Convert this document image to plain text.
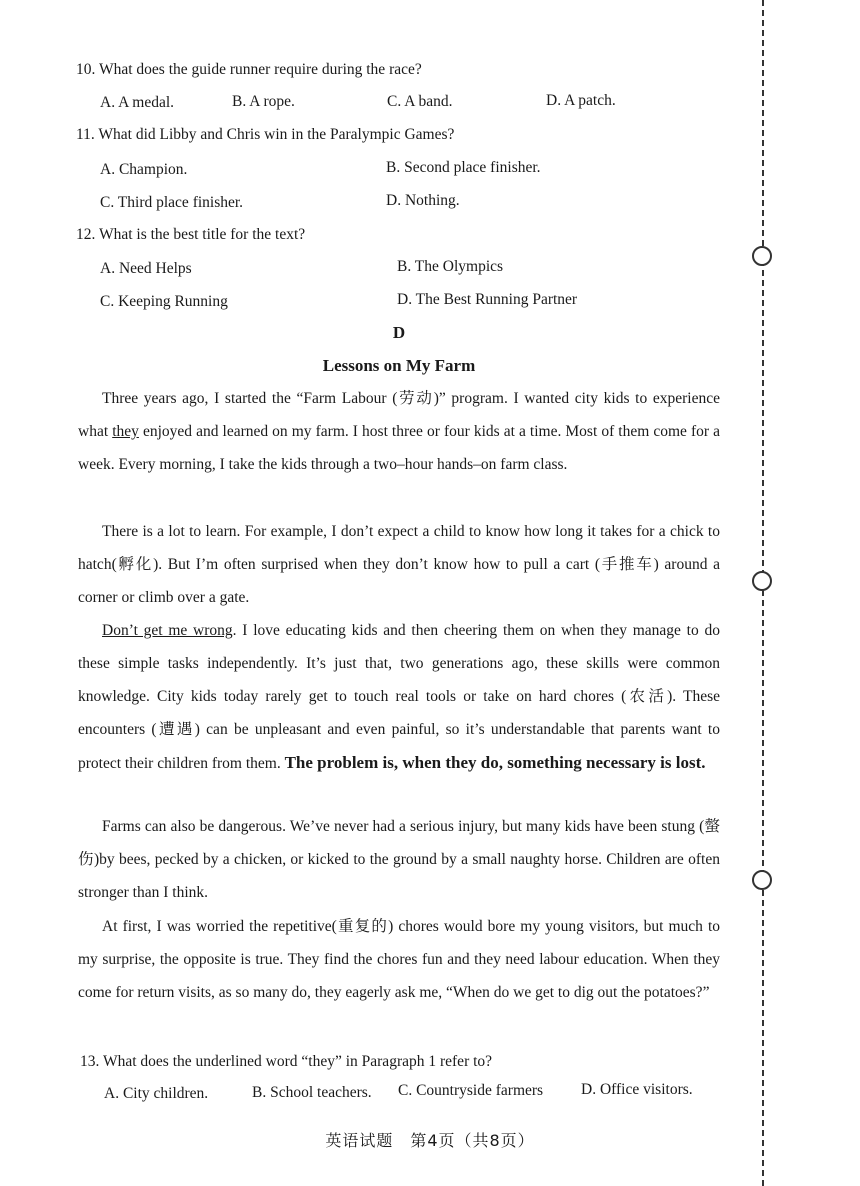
10. What does the guide runner require during the race?
A. A medal.	B. A rope.	C. A band.	D. A patch.
11. What did Libby and Chris win in the Paralympic Games?
A. Champion.	B. Second place finisher.
C. Third place finisher.	D. Nothing.
12. What is the best title for the text?
A. Need Helps	B. The Olympics
C. Keeping Running	D. The Best Running Partner
D
Lessons on My Farm

Three years ago, I started the “Farm Labour (劳动)” program. I wanted city kids to experience what they enjoyed and learned on my farm. I host three or four kids at a time. Most of them come for a week. Every morning, I take the kids through a two–hour hands–on farm class.

There is a lot to learn. For example, I don’t expect a child to know how long it takes for a chick to hatch(孵化). But I’m often surprised when they don’t know how to pull a cart (手推车) around a corner or climb over a gate.

Don’t get me wrong. I love educating kids and then cheering them on when they manage to do these simple tasks independently. It’s just that, two generations ago, these skills were common knowledge. City kids today rarely get to touch real tools or take on hard chores (农活). These encounters (遭遇) can be unpleasant and even painful, so it’s understandable that parents want to protect their children from them. The problem is, when they do, something necessary is lost.

Farms can also be dangerous. We’ve never had a serious injury, but many kids have been stung (螫伤)by bees, pecked by a chicken, or kicked to the ground by a small naughty horse. Children are often stronger than I think.

At first, I was worried the repetitive(重复的) chores would bore my young visitors, but much to my surprise, the opposite is true. They find the chores fun and they need labour education. When they come for return visits, as so many do, they eagerly ask me, “When do we get to dig out the potatoes?”

13. What does the underlined word “they” in Paragraph 1 refer to?
A. City children.	B. School teachers. C. Countryside farmers D. Office visitors.
英语试题　第4页（共8页）
